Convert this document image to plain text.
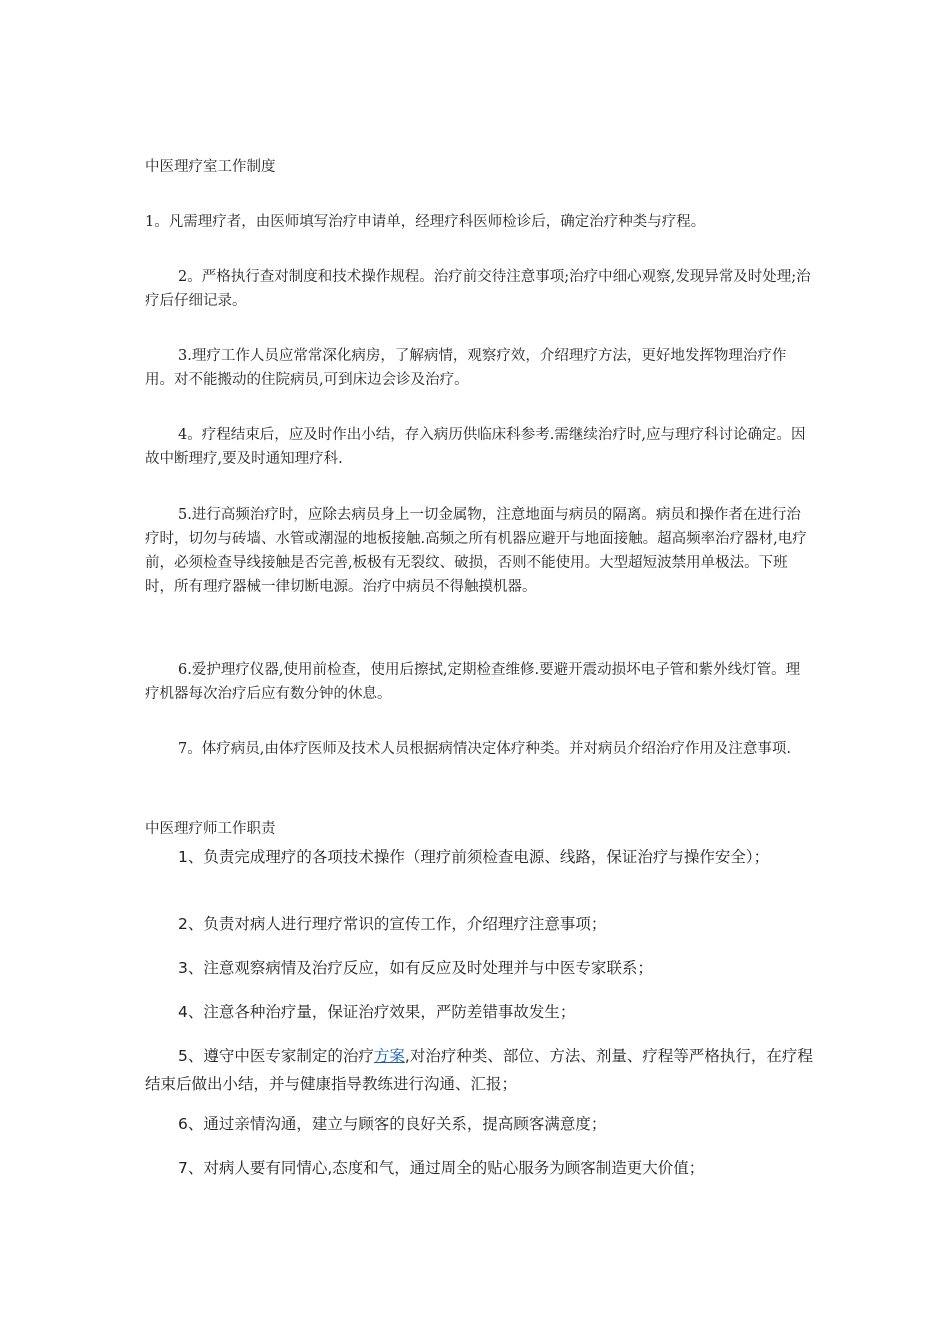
中医理疗室工作制度

1。凡需理疗者，由医师填写治疗申请单，经理疗科医师检诊后，确定治疗种类与疗程。

2。严格执行查对制度和技术操作规程。治疗前交待注意事项;治疗中细心观察,发现异常及时处理;治疗后仔细记录。

3.理疗工作人员应常常深化病房，了解病情，观察疗效，介绍理疗方法，更好地发挥物理治疗作用。对不能搬动的住院病员,可到床边会诊及治疗。

4。疗程结束后，应及时作出小结，存入病历供临床科参考.需继续治疗时,应与理疗科讨论确定。因故中断理疗,要及时通知理疗科.

5.进行高频治疗时，应除去病员身上一切金属物，注意地面与病员的隔离。病员和操作者在进行治疗时，切勿与砖墙、水管或潮湿的地板接触.高频之所有机器应避开与地面接触。超高频率治疗器材,电疗前，必须检查导线接触是否完善,板极有无裂纹、破损，否则不能使用。大型超短波禁用单极法。下班时，所有理疗器械一律切断电源。治疗中病员不得触摸机器。

6.爱护理疗仪器,使用前检查，使用后擦拭,定期检查维修.要避开震动损坏电子管和紫外线灯管。理疗机器每次治疗后应有数分钟的休息。

7。体疗病员,由体疗医师及技术人员根据病情决定体疗种类。并对病员介绍治疗作用及注意事项.

中医理疗师工作职责

1、负责完成理疗的各项技术操作（理疗前须检查电源、线路，保证治疗与操作安全）；

2、负责对病人进行理疗常识的宣传工作，介绍理疗注意事项；

3、注意观察病情及治疗反应，如有反应及时处理并与中医专家联系；

4、注意各种治疗量，保证治疗效果，严防差错事故发生；

5、遵守中医专家制定的治疗方案,对治疗种类、部位、方法、剂量、疗程等严格执行，在疗程结束后做出小结，并与健康指导教练进行沟通、汇报；

6、通过亲情沟通，建立与顾客的良好关系，提高顾客满意度；

7、对病人要有同情心,态度和气，通过周全的贴心服务为顾客制造更大价值；
